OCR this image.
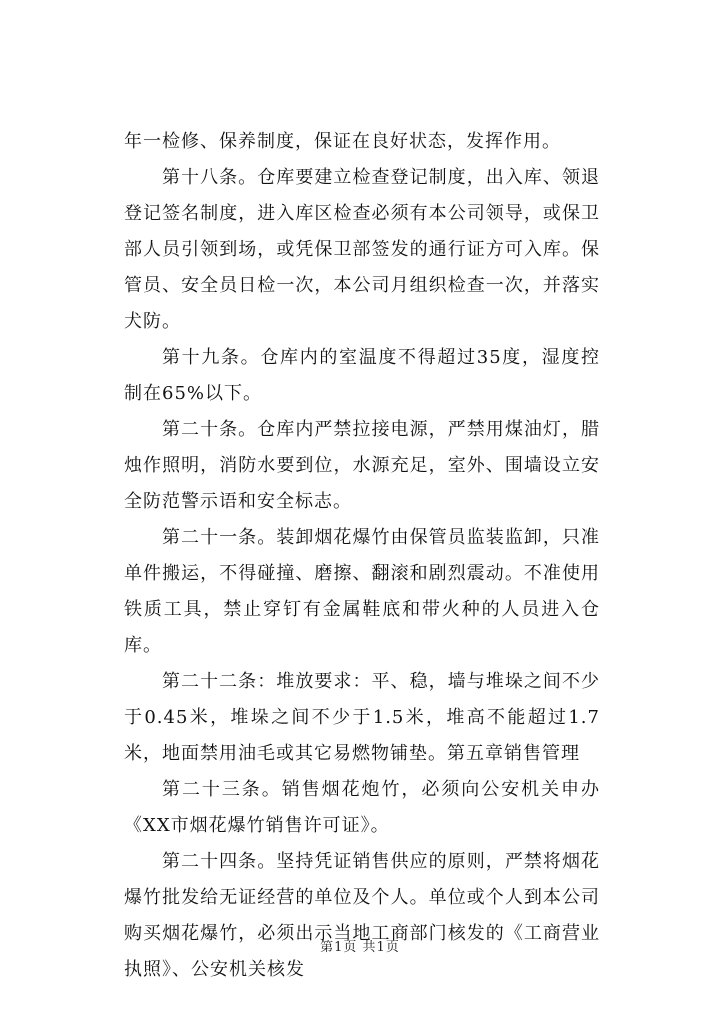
年一检修、保养制度，保证在良好状态，发挥作用。

第十八条。仓库要建立检查登记制度，出入库、领退登记签名制度，进入库区检查必须有本公司领导，或保卫部人员引领到场，或凭保卫部签发的通行证方可入库。保管员、安全员日检一次，本公司月组织检查一次，并落实犬防。

第十九条。仓库内的室温度不得超过35度，湿度控制在65%以下。

第二十条。仓库内严禁拉接电源，严禁用煤油灯，腊烛作照明，消防水要到位，水源充足，室外、围墙设立安全防范警示语和安全标志。

第二十一条。装卸烟花爆竹由保管员监装监卸，只准单件搬运，不得碰撞、磨擦、翻滚和剧烈震动。不准使用铁质工具，禁止穿钉有金属鞋底和带火种的人员进入仓库。

第二十二条：堆放要求：平、稳，墙与堆垛之间不少于0.45米，堆垛之间不少于1.5米，堆高不能超过1.7米，地面禁用油毛或其它易燃物铺垫。第五章销售管理

第二十三条。销售烟花炮竹，必须向公安机关申办《XX市烟花爆竹销售许可证》。

第二十四条。坚持凭证销售供应的原则，严禁将烟花爆竹批发给无证经营的单位及个人。单位或个人到本公司购买烟花爆竹，必须出示当地工商部门核发的《工商营业执照》、公安机关核发

第1页 共1页
